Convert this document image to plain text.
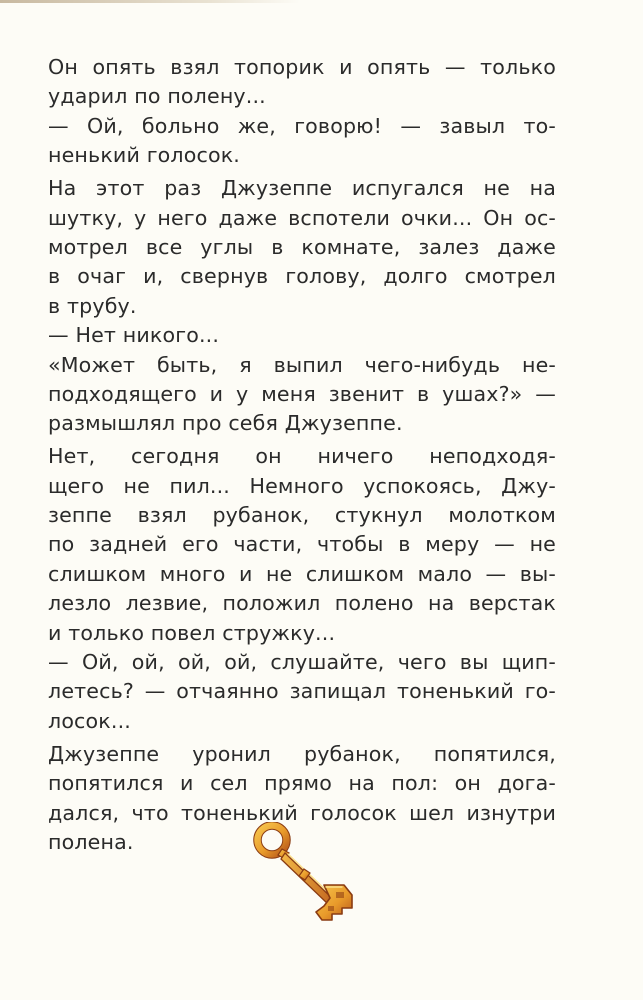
Он опять взял топорик и опять — только
ударил по полену...
— Ой, больно же, говорю! — завыл то-
ненький голосок.
На этот раз Джузеппе испугался не на
шутку, у него даже вспотели очки... Он ос-
мотрел все углы в комнате, залез даже
в очаг и, свернув голову, долго смотрел
в трубу.
— Нет никого...
«Может быть, я выпил чего-нибудь не-
подходящего и у меня звенит в ушах?» —
размышлял про себя Джузеппе.
Нет, сегодня он ничего неподходя-
щего не пил... Немного успокоясь, Джу-
зеппе взял рубанок, стукнул молотком
по задней его части, чтобы в меру — не
слишком много и не слишком мало — вы-
лезло лезвие, положил полено на верстак
и только повел стружку...
— Ой, ой, ой, ой, слушайте, чего вы щип-
летесь? — отчаянно запищал тоненький го-
лосок...
Джузеппе уронил рубанок, попятился,
попятился и сел прямо на пол: он дога-
дался, что тоненький голосок шел изнутри
полена.
